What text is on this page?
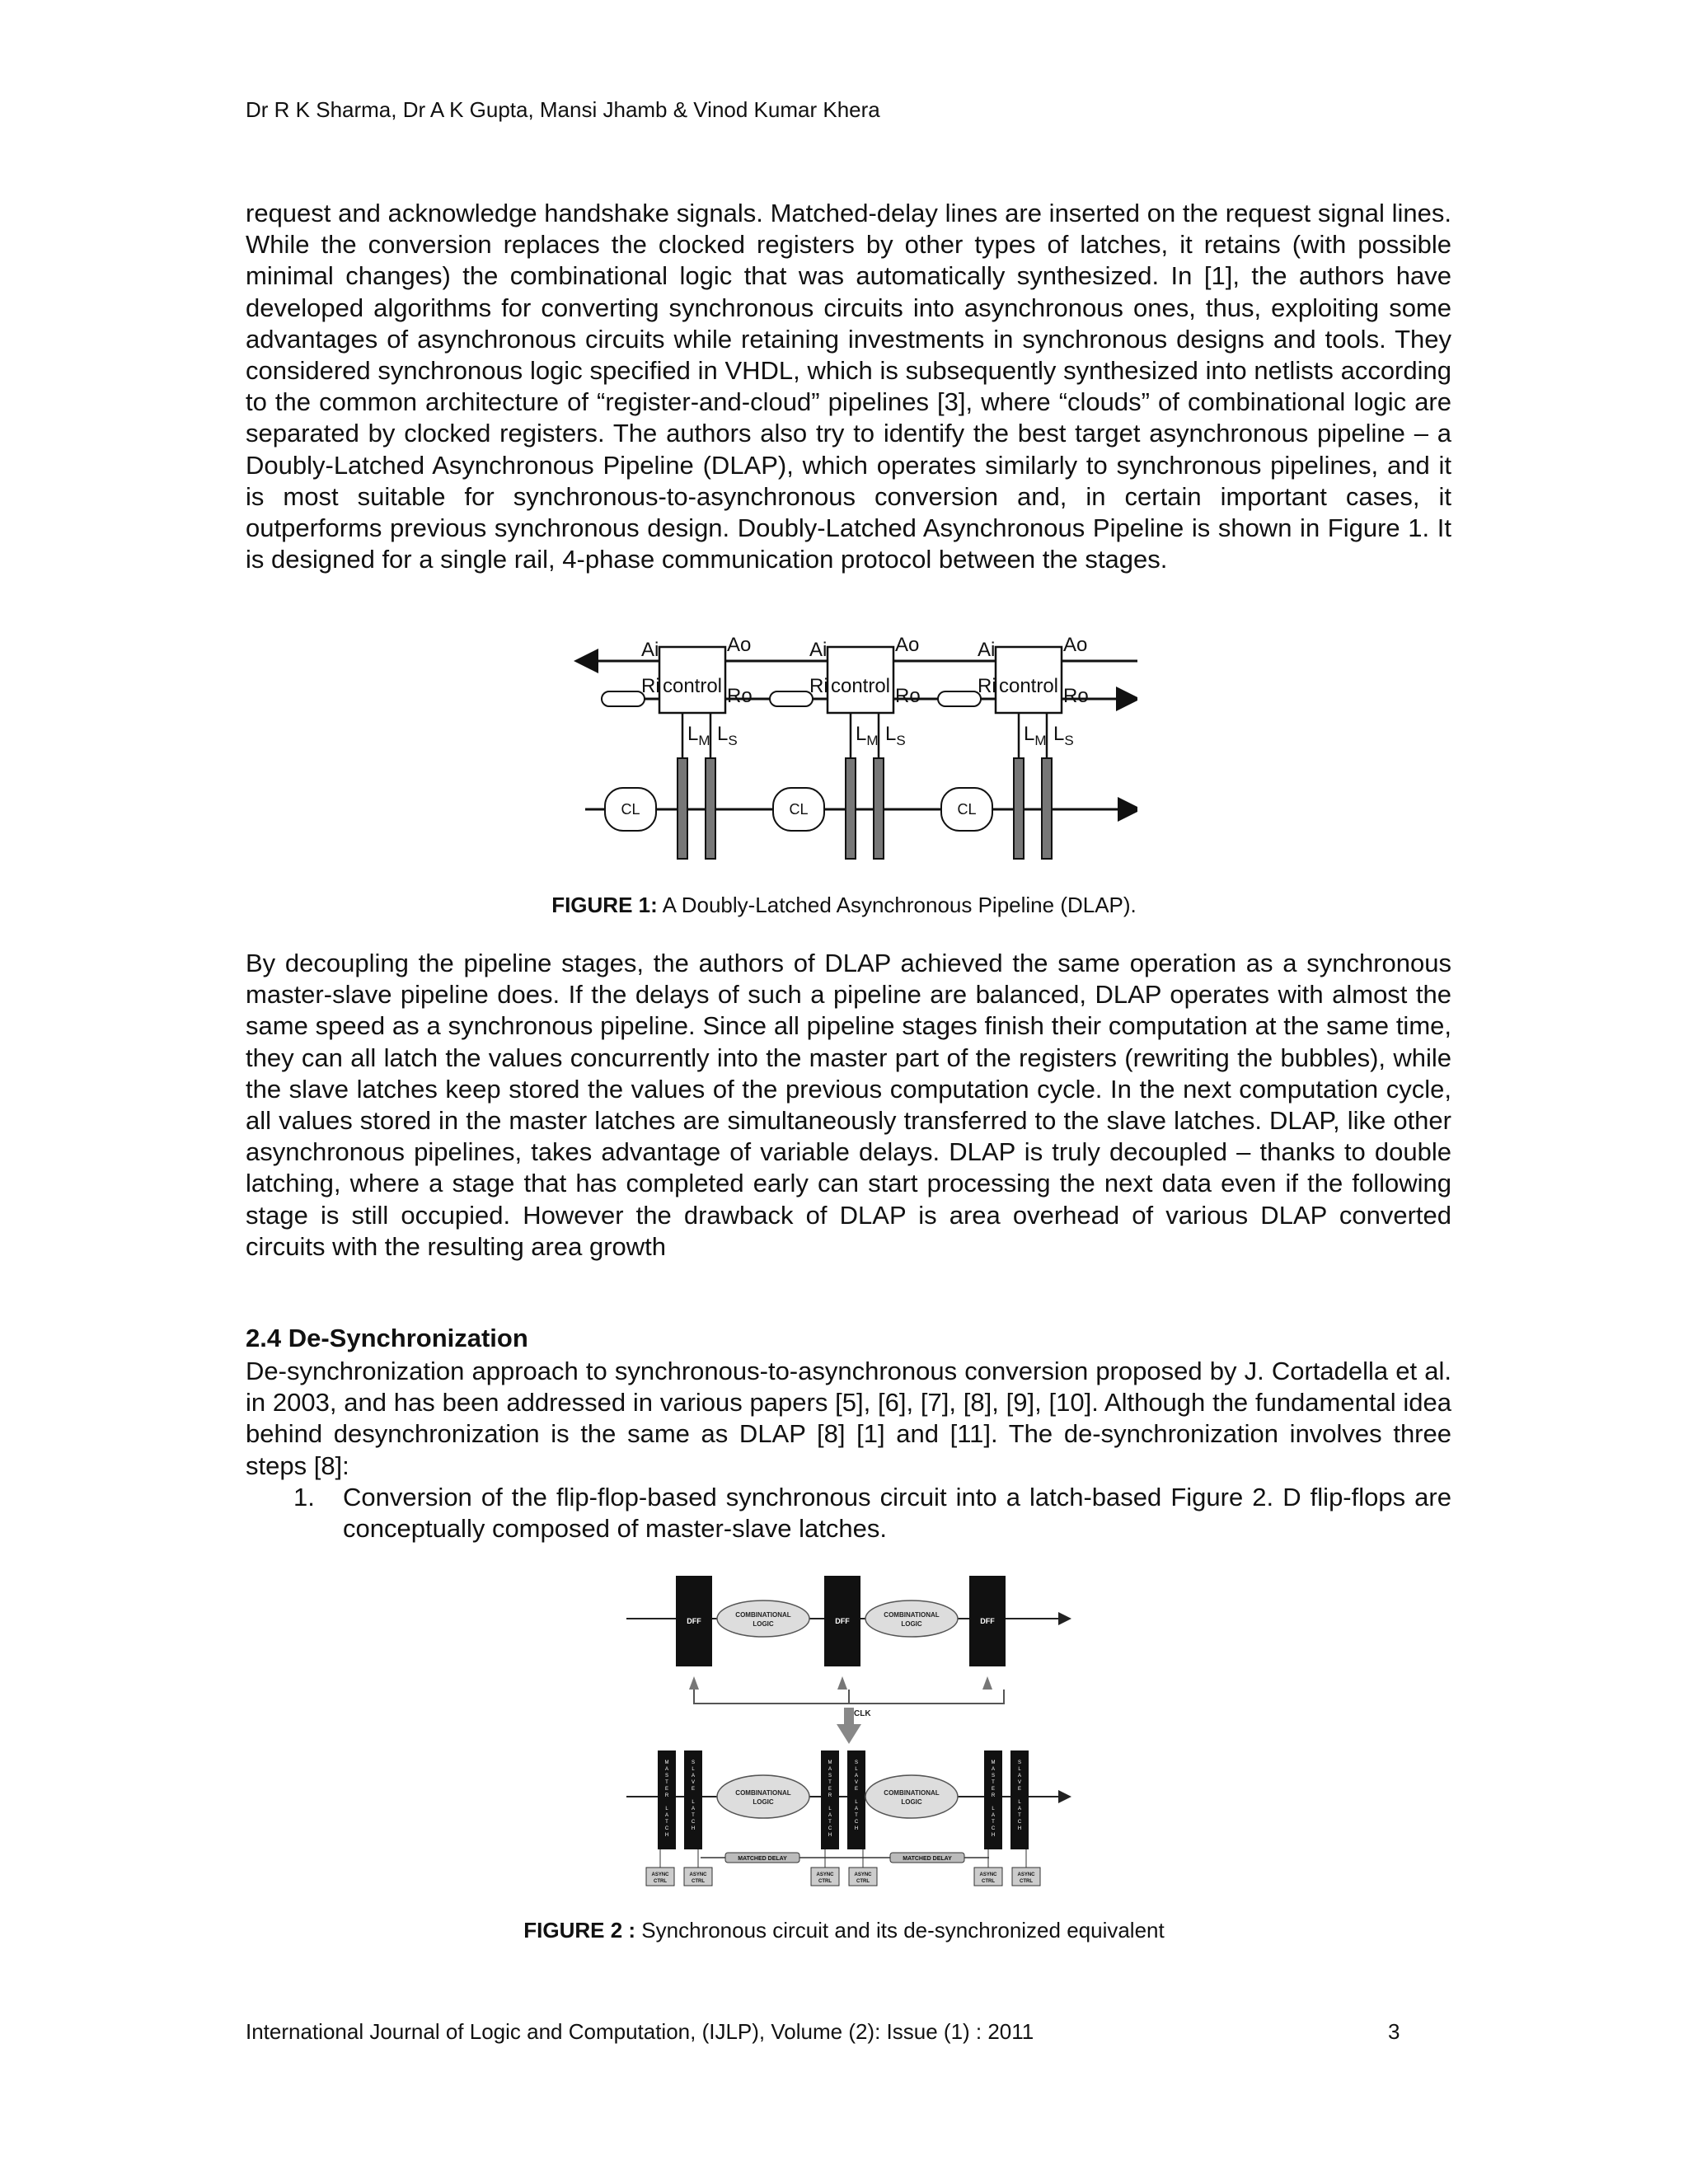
Dr R K Sharma, Dr A K Gupta, Mansi Jhamb & Vinod Kumar Khera

request and acknowledge handshake signals. Matched-delay lines are inserted on the request signal lines. While the conversion replaces the clocked registers by other types of latches, it retains (with possible minimal changes) the combinational logic that was automatically synthesized. In [1], the authors have developed algorithms for converting synchronous circuits into asynchronous ones, thus, exploiting some advantages of asynchronous circuits while retaining investments in synchronous designs and tools. They considered synchronous logic specified in VHDL, which is subsequently synthesized into netlists according to the common architecture of “register-and-cloud” pipelines [3], where “clouds” of combinational logic are separated by clocked registers. The authors also try to identify the best target asynchronous pipeline – a Doubly-Latched Asynchronous Pipeline (DLAP), which operates similarly to synchronous pipelines, and it is most suitable for synchronous-to-asynchronous conversion and, in certain important cases, it outperforms previous synchronous design. Doubly-Latched Asynchronous Pipeline is shown in Figure 1. It is designed for a single rail, 4-phase communication protocol between the stages.

control
Ai	Ao
Ri	Ro
$L_M$ $L_S$
control
Ai	Ao
Ri	Ro
$L_M$ $L_S$
control
Ai	Ao
Ri	Ro
$L_M$ $L_S$
CL	CL	CL
FIGURE 1: A Doubly-Latched Asynchronous Pipeline (DLAP).

By decoupling the pipeline stages, the authors of DLAP achieved the same operation as a synchronous master-slave pipeline does. If the delays of such a pipeline are balanced, DLAP operates with almost the same speed as a synchronous pipeline. Since all pipeline stages finish their computation at the same time, they can all latch the values concurrently into the master part of the registers (rewriting the bubbles), while the slave latches keep stored the values of the previous computation cycle. In the next computation cycle, all values stored in the master latches are simultaneously transferred to the slave latches. DLAP, like other asynchronous pipelines, takes advantage of variable delays. DLAP is truly decoupled – thanks to double latching, where a stage that has completed early can start processing the next data even if the following stage is still occupied. However the drawback of DLAP is area overhead of various DLAP converted circuits with the resulting area growth

2.4 De-Synchronization

De-synchronization approach to synchronous-to-asynchronous conversion proposed by J. Cortadella et al. in 2003, and has been addressed in various papers [5], [6], [7], [8], [9], [10]. Although the fundamental idea behind desynchronization is the same as DLAP [8] [1] and [11]. The de-synchronization involves three steps [8]:

1. Conversion of the flip-flop-based synchronous circuit into a latch-based Figure 2. D flip-flops are conceptually composed of master-slave latches.
DFF	DFF	DFF
COMBINATIONAL
LOGIC
COMBINATIONAL
LOGIC
CLK
M A S T E R L A T C H
S L A V E L A T C H
M A S T E R L A T C H
S L A V E L A T C H
M A S T E R L A T C H
S L A V E L A T C H
COMBINATIONAL
LOGIC
COMBINATIONAL
LOGIC
MATCHED DELAY	MATCHED DELAY
ASYNC
CTRL
ASYNC
CTRL
ASYNC
CTRL
ASYNC
CTRL
ASYNC
CTRL
ASYNC
CTRL
FIGURE 2 : Synchronous circuit and its de-synchronized equivalent
International Journal of Logic and Computation, (IJLP), Volume (2): Issue (1) : 2011	3
